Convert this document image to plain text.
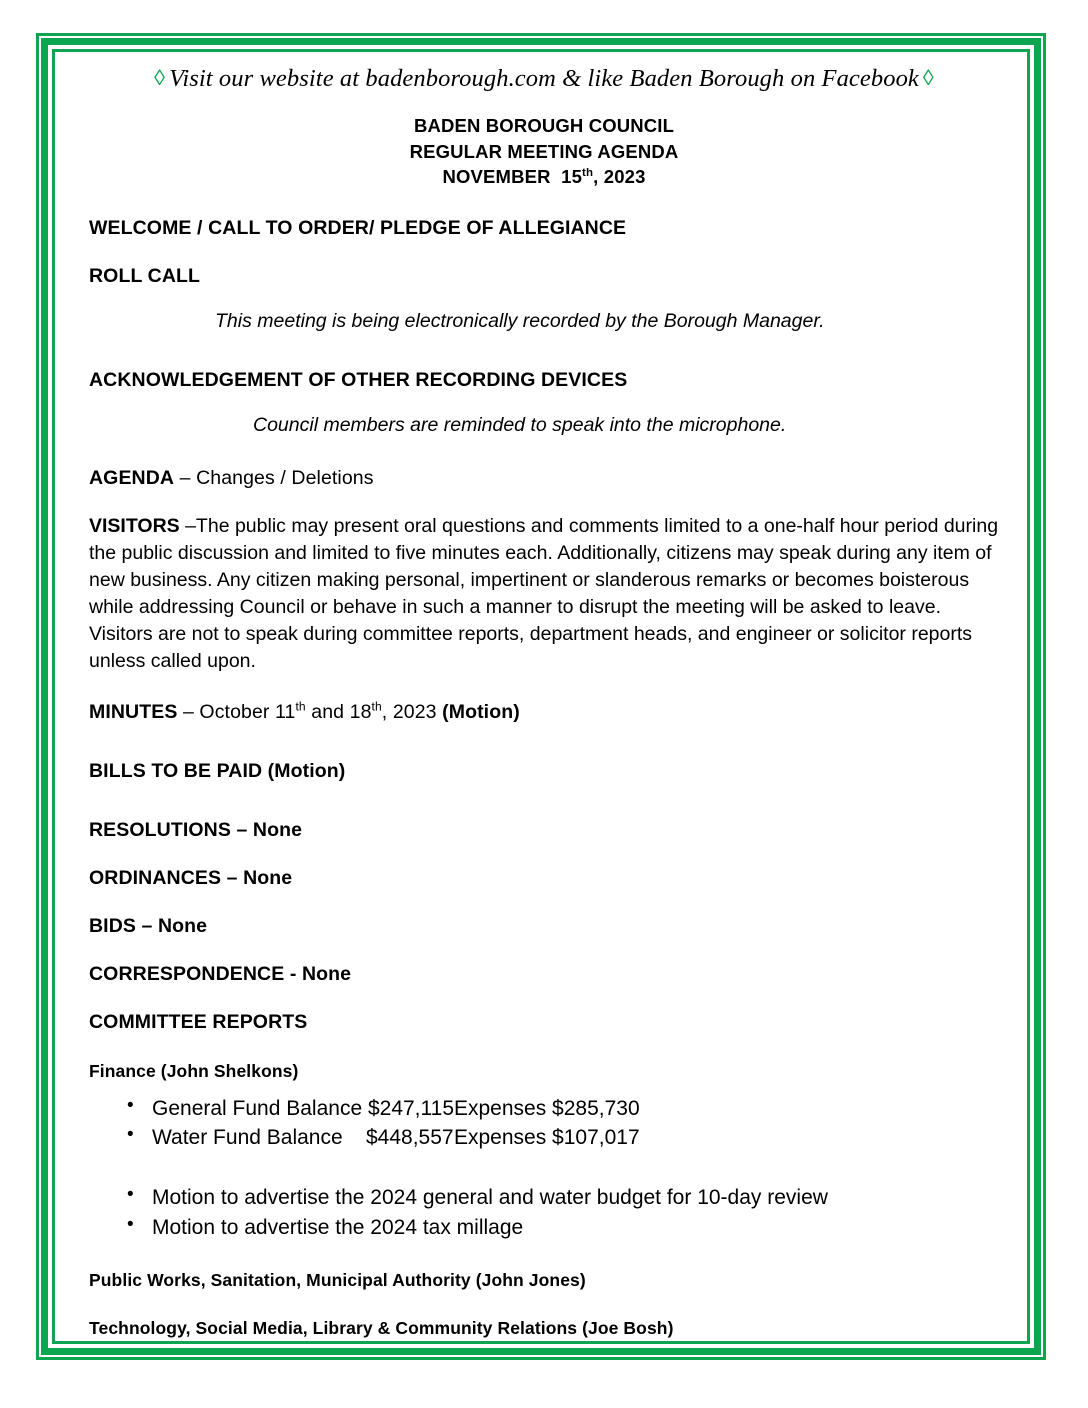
◊ Visit our website at badenborough.com & like Baden Borough on Facebook ◊
BADEN BOROUGH COUNCIL
REGULAR MEETING AGENDA
NOVEMBER  15th, 2023
WELCOME / CALL TO ORDER/ PLEDGE OF ALLEGIANCE
ROLL CALL
This meeting is being electronically recorded by the Borough Manager.
ACKNOWLEDGEMENT OF OTHER RECORDING DEVICES
Council members are reminded to speak into the microphone.
AGENDA – Changes / Deletions
VISITORS –The public may present oral questions and comments limited to a one-half hour period during the public discussion and limited to five minutes each. Additionally, citizens may speak during any item of new business. Any citizen making personal, impertinent or slanderous remarks or becomes boisterous while addressing Council or behave in such a manner to disrupt the meeting will be asked to leave. Visitors are not to speak during committee reports, department heads, and engineer or solicitor reports unless called upon.
MINUTES – October 11th and 18th, 2023 (Motion)
BILLS TO BE PAID (Motion)
RESOLUTIONS – None
ORDINANCES – None
BIDS – None
CORRESPONDENCE - None
COMMITTEE REPORTS
Finance (John Shelkons)
• General Fund Balance $247,115Expenses $285,730
• Water Fund Balance    $448,557Expenses $107,017
• Motion to advertise the 2024 general and water budget for 10-day review
• Motion to advertise the 2024 tax millage
Public Works, Sanitation, Municipal Authority (John Jones)
Technology, Social Media, Library & Community Relations (Joe Bosh)
